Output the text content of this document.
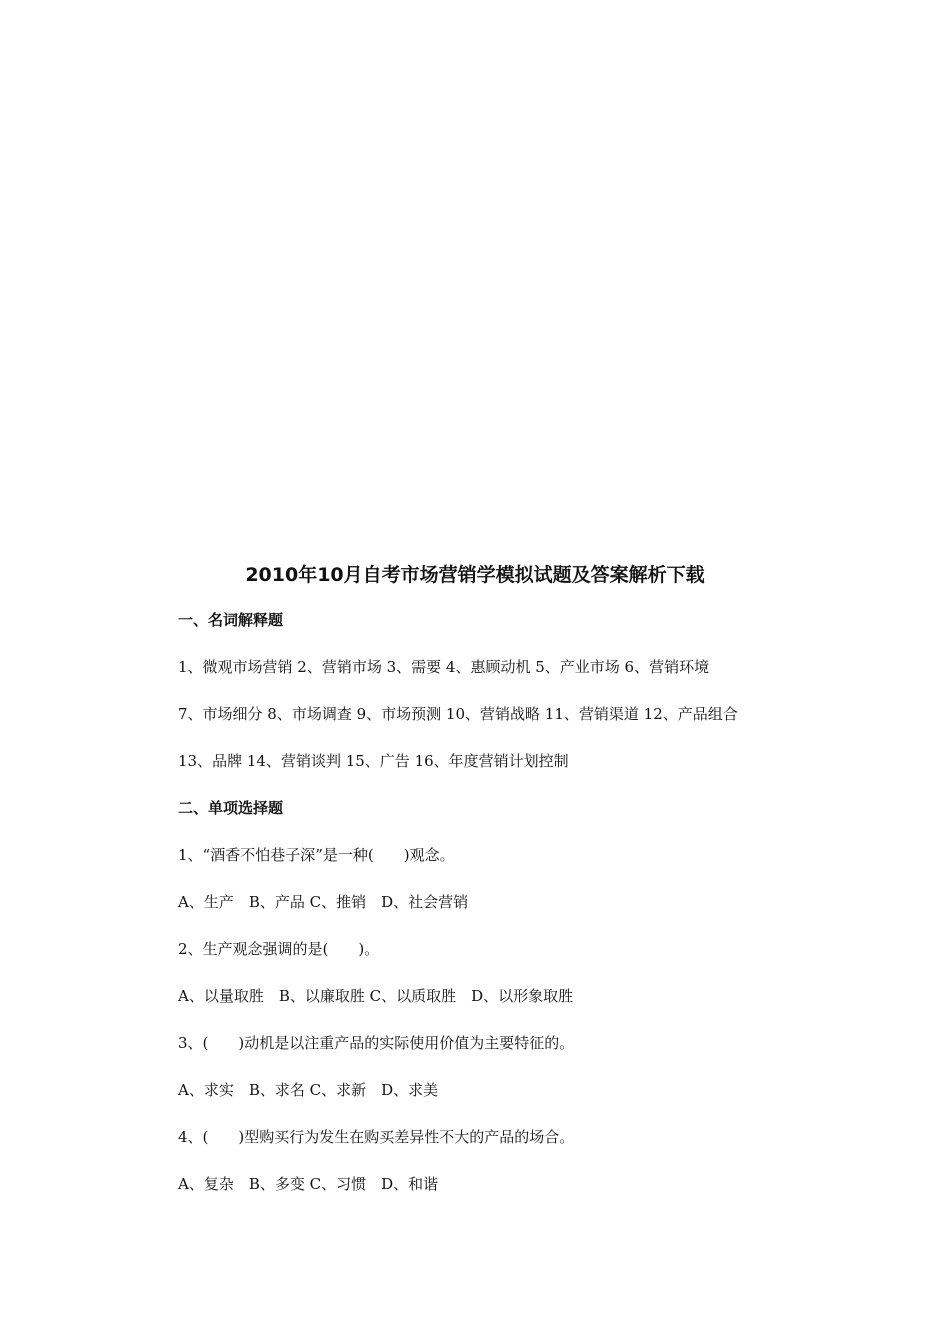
2010年10月自考市场营销学模拟试题及答案解析下载
一、名词解释题
1、微观市场营销 2、营销市场 3、需要 4、惠顾动机 5、产业市场 6、营销环境
7、市场细分 8、市场调查 9、市场预测 10、营销战略 11、营销渠道 12、产品组合
13、品牌 14、营销谈判 15、广告 16、年度营销计划控制
二、单项选择题
1、“酒香不怕巷子深”是一种(　　)观念。
A、生产　B、产品 C、推销　D、社会营销
2、生产观念强调的是(　　)。
A、以量取胜　B、以廉取胜 C、以质取胜　D、以形象取胜
3、(　　)动机是以注重产品的实际使用价值为主要特征的。
A、求实　B、求名 C、求新　D、求美
4、(　　)型购买行为发生在购买差异性不大的产品的场合。
A、复杂　B、多变 C、习惯　D、和谐
